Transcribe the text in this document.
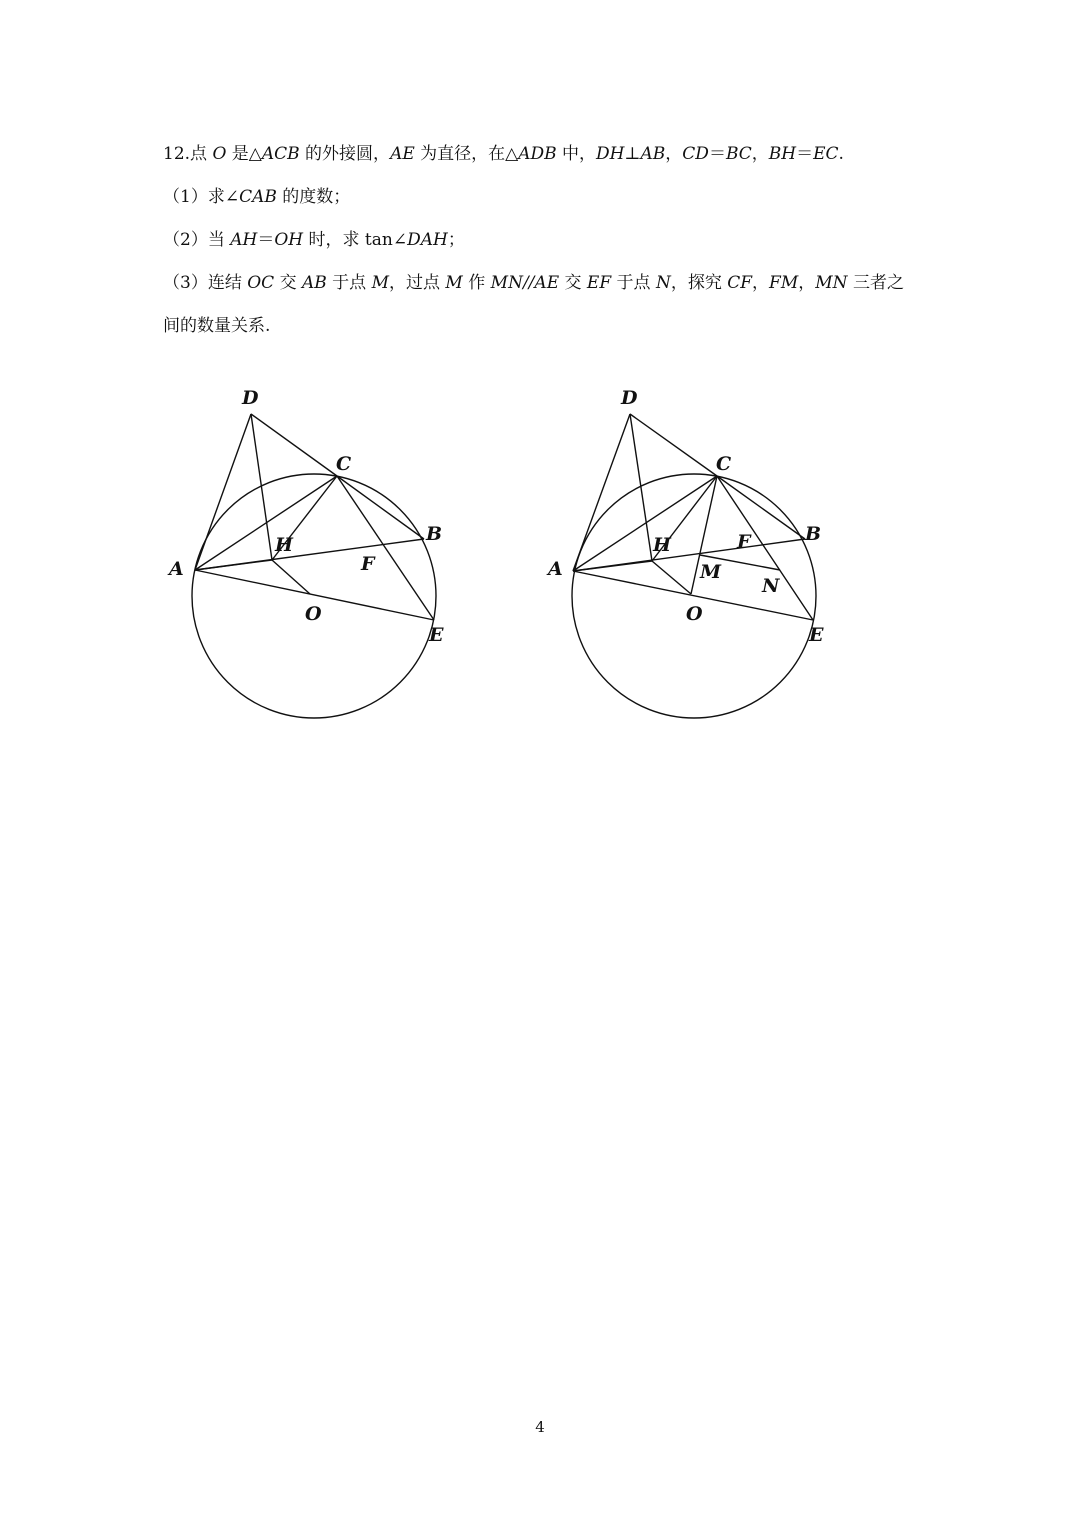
12.点 O 是△ACB 的外接圆，AE 为直径，在△ADB 中，DH⊥AB，CD＝BC，BH＝EC.
（1）求∠CAB 的度数；
（2）当 AH＝OH 时，求 tan∠DAH；
（3）连结 OC 交 AB 于点 M，过点 M 作 MN//AE 交 EF 于点 N，探究 CF，FM，MN 三者之
间的数量关系.
D
C
B
H
A	F
O
E
D
C
B
H	F
A	M
N
O
E
4
